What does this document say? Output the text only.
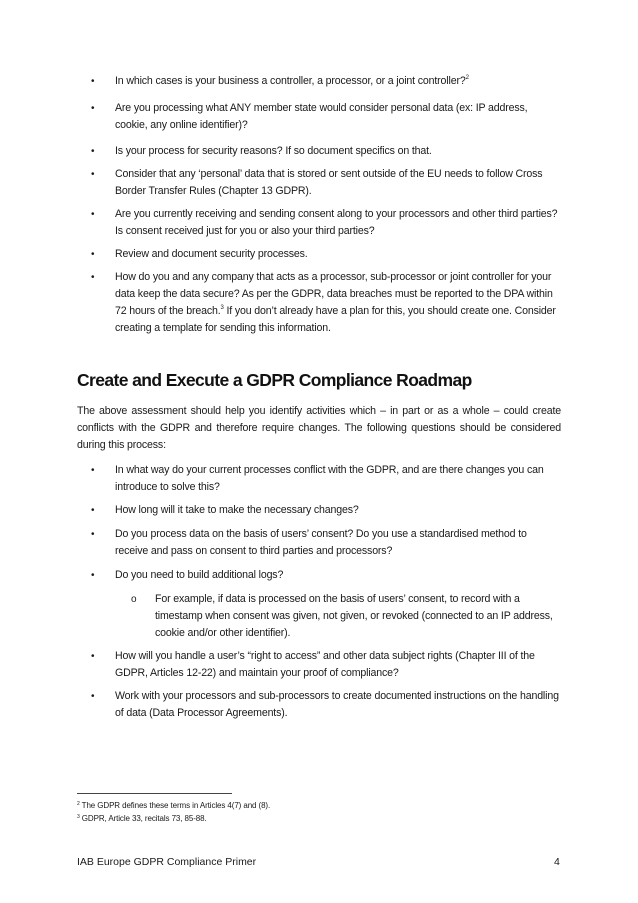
•	In which cases is your business a controller, a processor, or a joint controller?$^2$
•	Are you processing what ANY member state would consider personal data (ex: IP address, cookie, any online identifier)?
•	Is your process for security reasons? If so document specifics on that.
•	Consider that any ‘personal’ data that is stored or sent outside of the EU needs to follow Cross Border Transfer Rules (Chapter 13 GDPR).
•	Are you currently receiving and sending consent along to your processors and other third parties? Is consent received just for you or also your third parties?
•	Review and document security processes.
•	How do you and any company that acts as a processor, sub-processor or joint controller for your data keep the data secure? As per the GDPR, data breaches must be reported to the DPA within 72 hours of the breach.$^3$ If you don’t already have a plan for this, you should create one. Consider creating a template for sending this information.
Create and Execute a GDPR Compliance Roadmap

The above assessment should help you identify activities which – in part or as a whole – could create conflicts with the GDPR and therefore require changes. The following questions should be considered during this process:

•	In what way do your current processes conflict with the GDPR, and are there changes you can introduce to solve this?
•	How long will it take to make the necessary changes?
•	Do you process data on the basis of users’ consent? Do you use a standardised method to receive and pass on consent to third parties and processors?
•	Do you need to build additional logs?
o For example, if data is processed on the basis of users’ consent, to record with a timestamp when consent was given, not given, or revoked (connected to an IP address, cookie and/or other identifier).
•	How will you handle a user’s “right to access” and other data subject rights (Chapter III of the GDPR, Articles 12-22) and maintain your proof of compliance?
•	Work with your processors and sub-processors to create documented instructions on the handling of data (Data Processor Agreements).
$^2$ The GDPR defines these terms in Articles 4(7) and (8).
$^3$ GDPR, Article 33, recitals 73, 85-88.
IAB Europe GDPR Compliance Primer	4
